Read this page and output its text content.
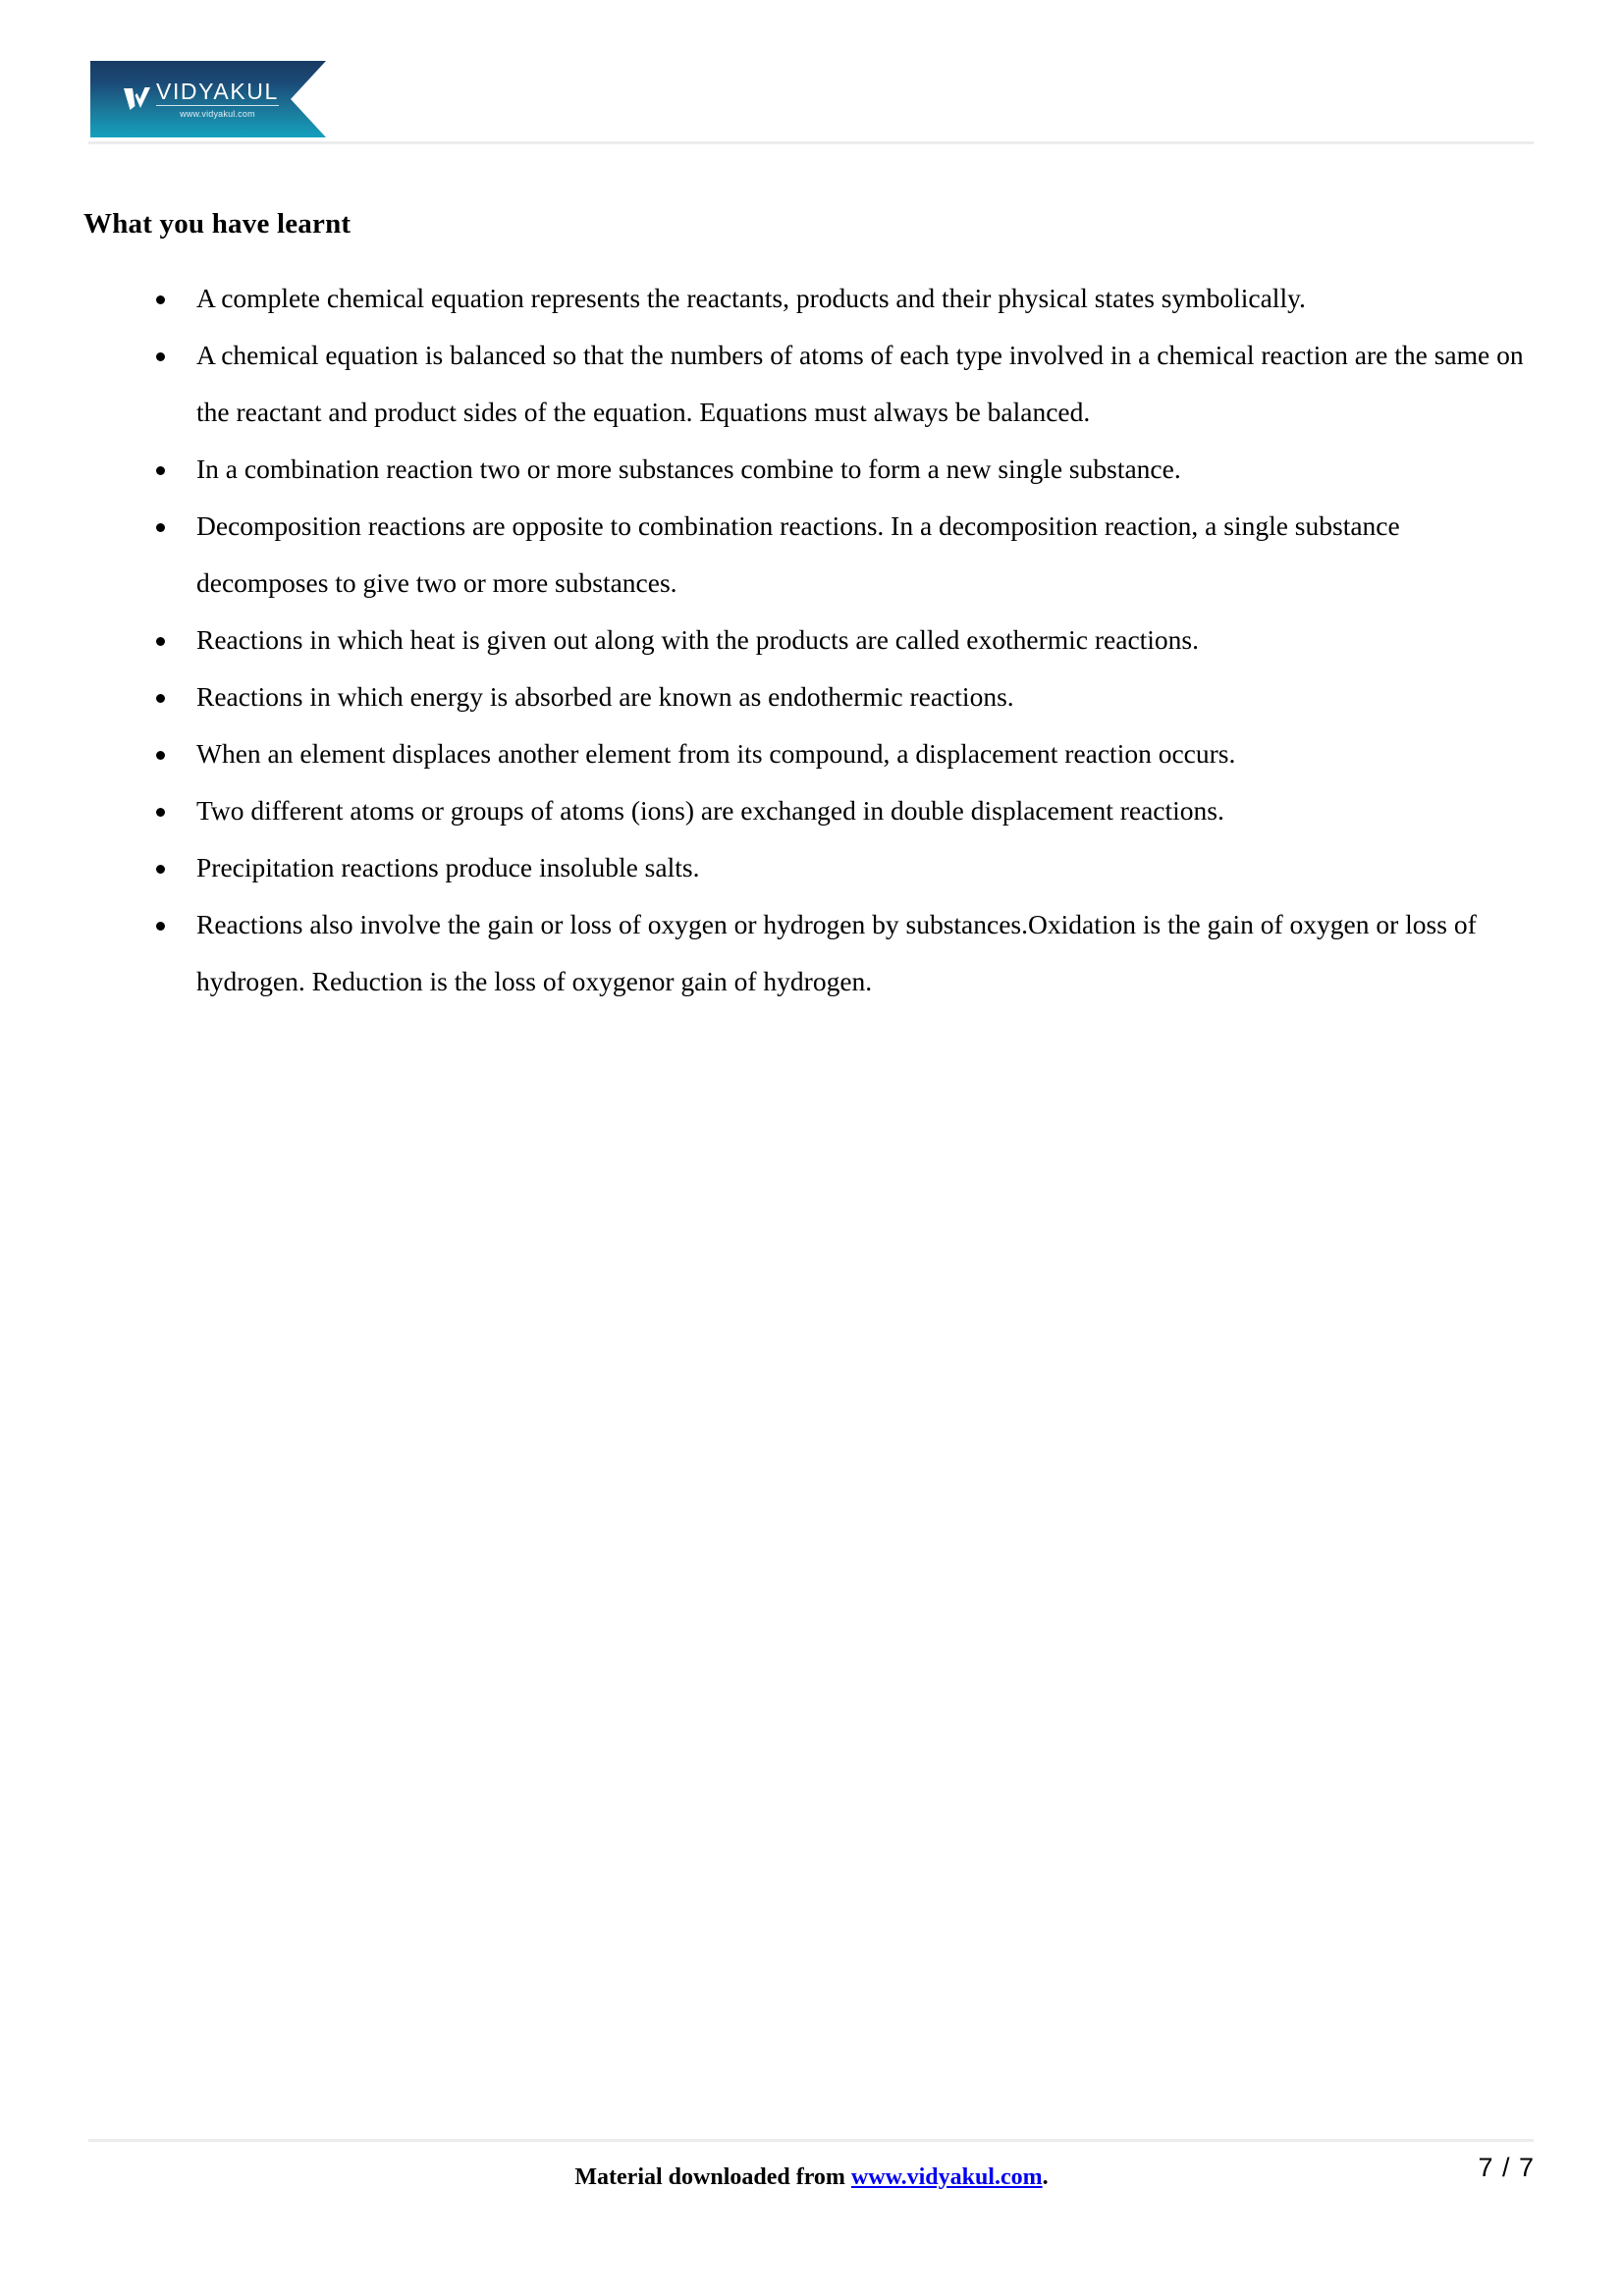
VIDYAKUL
www.vidyakul.com
What you have learnt
A complete chemical equation represents the reactants, products and their physical states symbolically.
A chemical equation is balanced so that the numbers of atoms of each type involved in a chemical reaction are the same on the reactant and product sides of the equation. Equations must always be balanced.
In a combination reaction two or more substances combine to form a new single substance.
Decomposition reactions are opposite to combination reactions. In a decomposition reaction, a single substance decomposes to give two or more substances.
Reactions in which heat is given out along with the products are called exothermic reactions.
Reactions in which energy is absorbed are known as endothermic reactions.
When an element displaces another element from its compound, a displacement reaction occurs.
Two different atoms or groups of atoms (ions) are exchanged in double displacement reactions.
Precipitation reactions produce insoluble salts.
Reactions also involve the gain or loss of oxygen or hydrogen by substances.Oxidation is the gain of oxygen or loss of hydrogen. Reduction is the loss of oxygenor gain of hydrogen.
Material downloaded from www.vidyakul.com.	7 / 7
